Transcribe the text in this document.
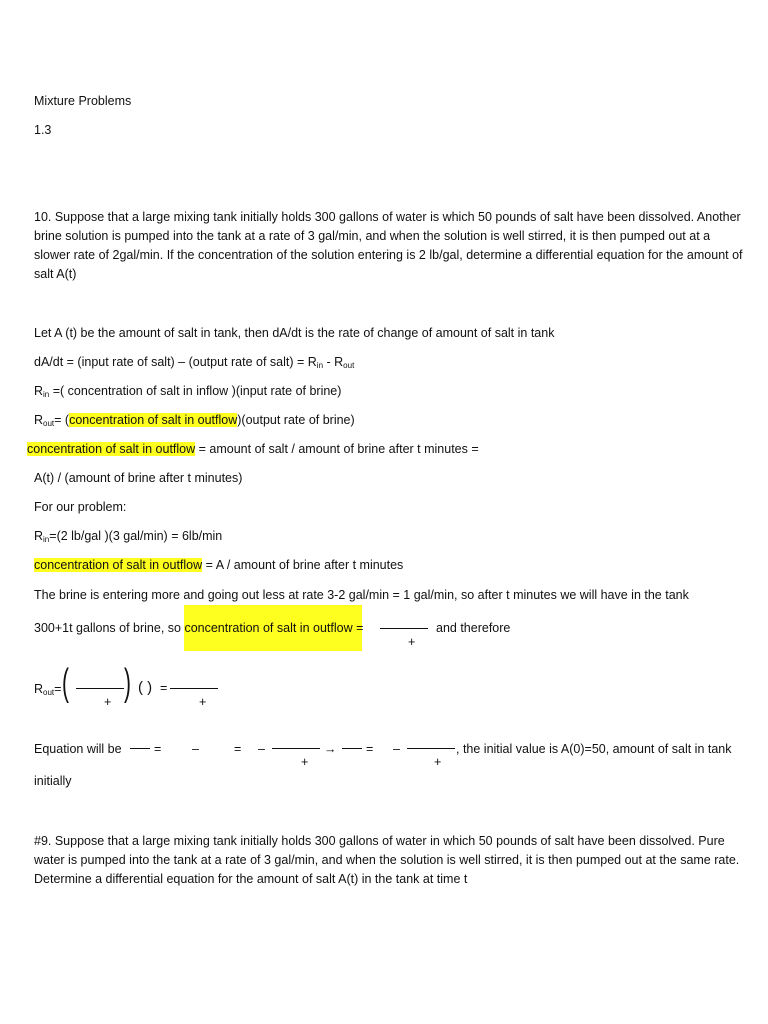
Mixture Problems
1.3
10. Suppose that a large mixing tank initially holds 300 gallons of water is which 50 pounds of salt have been dissolved. Another brine solution is pumped into the tank at a rate of 3 gal/min, and when the solution is well stirred, it is then pumped out at a slower rate of 2gal/min. If the concentration of the solution entering is 2 lb/gal, determine a differential equation for the amount of salt A(t)
Let A (t) be the amount of salt in tank, then dA/dt is the rate of change of amount of salt in tank
dA/dt = (input rate of salt) – (output rate of salt) = $R_{in} - R_{out}$
$R_{in}$ =( concentration of salt in inflow )(input rate of brine)
$R_{out}=$ (concentration of salt in outflow)(output rate of brine)
concentration of salt in outflow = amount of salt / amount of brine after t minutes =
A(t) / (amount of brine after t minutes)
For our problem:
$R_{in}=(2$ lb/gal )(3 gal/min) = 6lb/min
concentration of salt in outflow = A / amount of brine after t minutes
The brine is entering more and going out less at rate 3-2 gal/min = 1 gal/min, so after t minutes we will have in the tank
300+1t gallons of brine, so concentration of salt in outflow =
+
and therefore
$R_{out}=$ (	+ ) ( ) =
+
Equation will be	= –	= –
+
→ = –
+
, the initial value is A(0)=50, amount of salt in tank
initially
#9. Suppose that a large mixing tank initially holds 300 gallons of water in which 50 pounds of salt have been dissolved. Pure water is pumped into the tank at a rate of 3 gal/min, and when the solution is well stirred, it is then pumped out at the same rate. Determine a differential equation for the amount of salt A(t) in the tank at time t
